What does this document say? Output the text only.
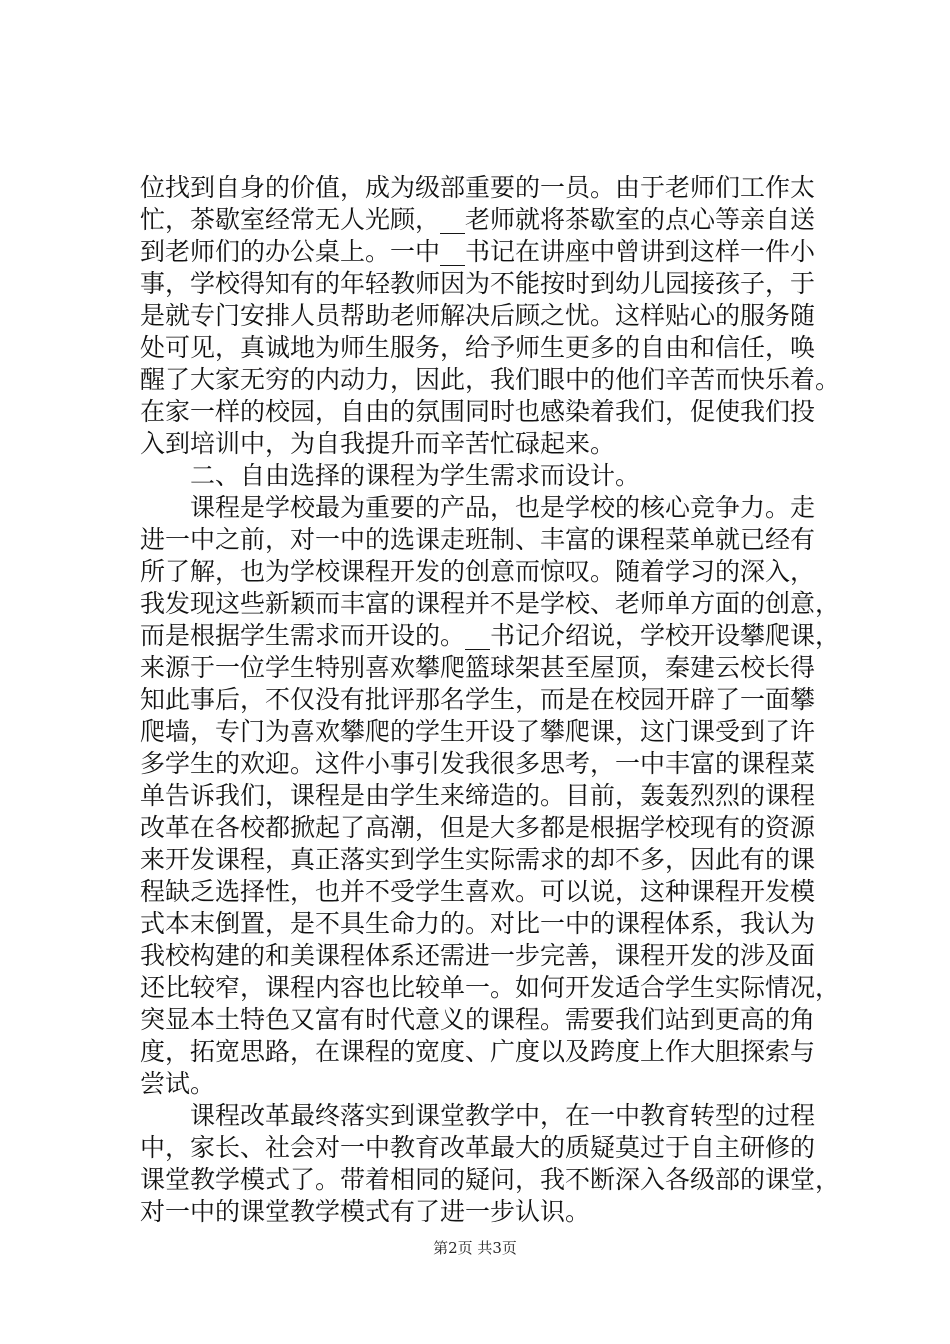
位找到自身的价值，成为级部重要的一员。由于老师们工作太
忙，茶歇室经常无人光顾，__老师就将茶歇室的点心等亲自送
到老师们的办公桌上。一中__书记在讲座中曾讲到这样一件小
事，学校得知有的年轻教师因为不能按时到幼儿园接孩子，于
是就专门安排人员帮助老师解决后顾之忧。这样贴心的服务随
处可见，真诚地为师生服务，给予师生更多的自由和信任，唤
醒了大家无穷的内动力，因此，我们眼中的他们辛苦而快乐着。
在家一样的校园，自由的氛围同时也感染着我们，促使我们投
入到培训中，为自我提升而辛苦忙碌起来。
　　二、自由选择的课程为学生需求而设计。
　　课程是学校最为重要的产品，也是学校的核心竞争力。走
进一中之前，对一中的选课走班制、丰富的课程菜单就已经有
所了解，也为学校课程开发的创意而惊叹。随着学习的深入，
我发现这些新颖而丰富的课程并不是学校、老师单方面的创意，
而是根据学生需求而开设的。__书记介绍说，学校开设攀爬课，
来源于一位学生特别喜欢攀爬篮球架甚至屋顶，秦建云校长得
知此事后，不仅没有批评那名学生，而是在校园开辟了一面攀
爬墙，专门为喜欢攀爬的学生开设了攀爬课，这门课受到了许
多学生的欢迎。这件小事引发我很多思考，一中丰富的课程菜
单告诉我们，课程是由学生来缔造的。目前，轰轰烈烈的课程
改革在各校都掀起了高潮，但是大多都是根据学校现有的资源
来开发课程，真正落实到学生实际需求的却不多，因此有的课
程缺乏选择性，也并不受学生喜欢。可以说，这种课程开发模
式本末倒置，是不具生命力的。对比一中的课程体系，我认为
我校构建的和美课程体系还需进一步完善，课程开发的涉及面
还比较窄，课程内容也比较单一。如何开发适合学生实际情况，
突显本土特色又富有时代意义的课程。需要我们站到更高的角
度，拓宽思路，在课程的宽度、广度以及跨度上作大胆探索与
尝试。
　　课程改革最终落实到课堂教学中，在一中教育转型的过程
中，家长、社会对一中教育改革最大的质疑莫过于自主研修的
课堂教学模式了。带着相同的疑问，我不断深入各级部的课堂，
对一中的课堂教学模式有了进一步认识。
第2页 共3页
